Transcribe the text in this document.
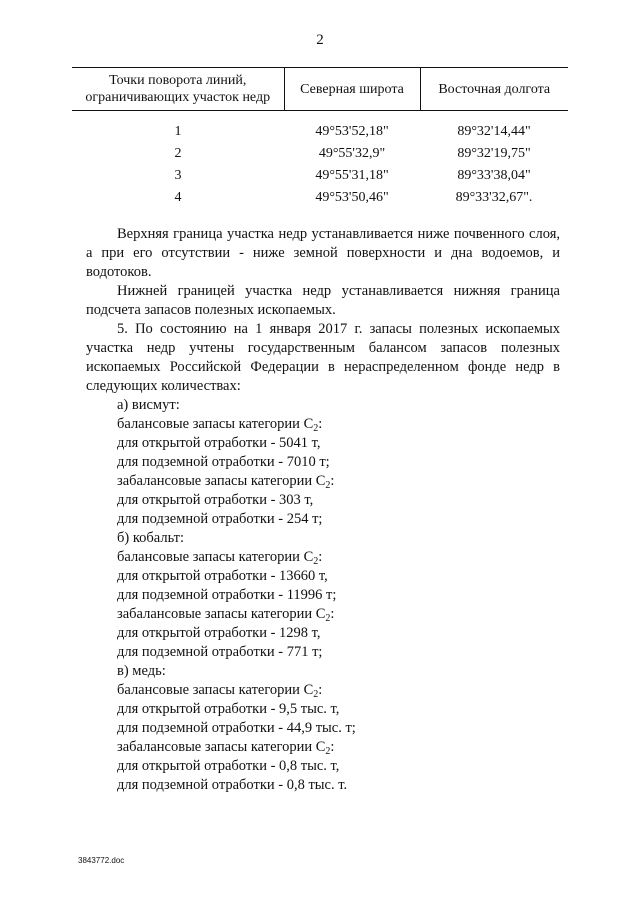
2
Точки поворота линий, ограничивающих участок недр	Северная широта	Восточная долгота
1	49°53'52,18"	89°32'14,44"
2	49°55'32,9"	89°32'19,75"
3	49°55'31,18"	89°33'38,04"
4	49°53'50,46"	89°33'32,67".

Верхняя граница участка недр устанавливается ниже почвенного слоя, а при его отсутствии - ниже земной поверхности и дна водоемов, и водотоков.

Нижней границей участка недр устанавливается нижняя граница подсчета запасов полезных ископаемых.

5. По состоянию на 1 января 2017 г. запасы полезных ископаемых участка недр учтены государственным балансом запасов полезных ископаемых Российской Федерации в нераспределенном фонде недр в следующих количествах:

а) висмут:

балансовые запасы категории $С_2$:

для открытой отработки - 5041 т,

для подземной отработки - 7010 т;

забалансовые запасы категории $С_2$:

для открытой отработки - 303 т,

для подземной отработки - 254 т;

б) кобальт:

балансовые запасы категории $С_2$:

для открытой отработки - 13660 т,

для подземной отработки - 11996 т;

забалансовые запасы категории $С_2$:

для открытой отработки - 1298 т,

для подземной отработки - 771 т;

в) медь:

балансовые запасы категории $С_2$:

для открытой отработки - 9,5 тыс. т,

для подземной отработки - 44,9 тыс. т;

забалансовые запасы категории $С_2$:

для открытой отработки - 0,8 тыс. т,

для подземной отработки - 0,8 тыс. т.

3843772.doc
